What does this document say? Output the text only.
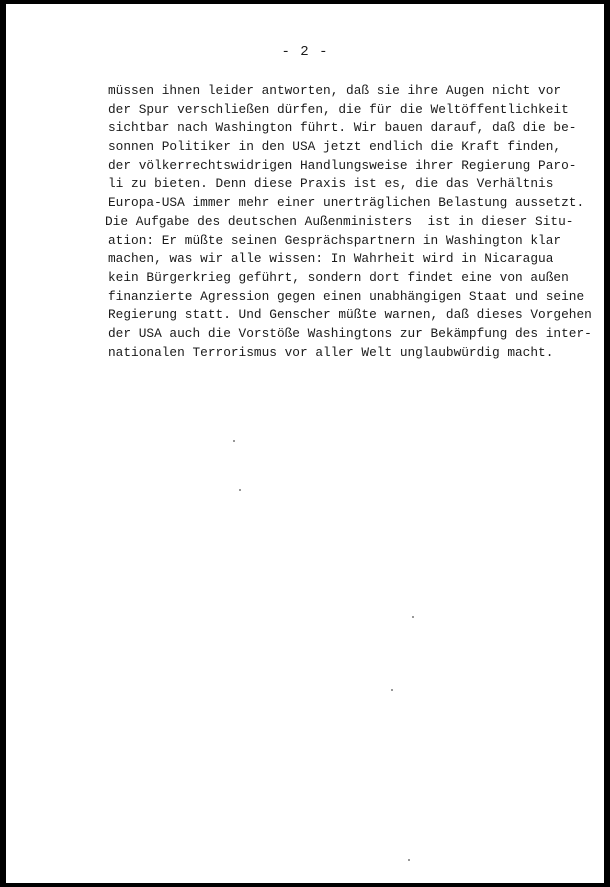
- 2 -
müssen ihnen leider antworten, daß sie ihre Augen nicht vor
der Spur verschließen dürfen, die für die Weltöffentlichkeit
sichtbar nach Washington führt. Wir bauen darauf, daß die be-
sonnen Politiker in den USA jetzt endlich die Kraft finden,
der völkerrechtswidrigen Handlungsweise ihrer Regierung Paro-
li zu bieten. Denn diese Praxis ist es, die das Verhältnis
Europa-USA immer mehr einer unerträglichen Belastung aussetzt.
Die Aufgabe des deutschen Außenministers  ist in dieser Situ-
ation: Er müßte seinen Gesprächspartnern in Washington klar
machen, was wir alle wissen: In Wahrheit wird in Nicaragua
kein Bürgerkrieg geführt, sondern dort findet eine von außen
finanzierte Agression gegen einen unabhängigen Staat und seine
Regierung statt. Und Genscher müßte warnen, daß dieses Vorgehen
der USA auch die Vorstöße Washingtons zur Bekämpfung des inter-
nationalen Terrorismus vor aller Welt unglaubwürdig macht.
